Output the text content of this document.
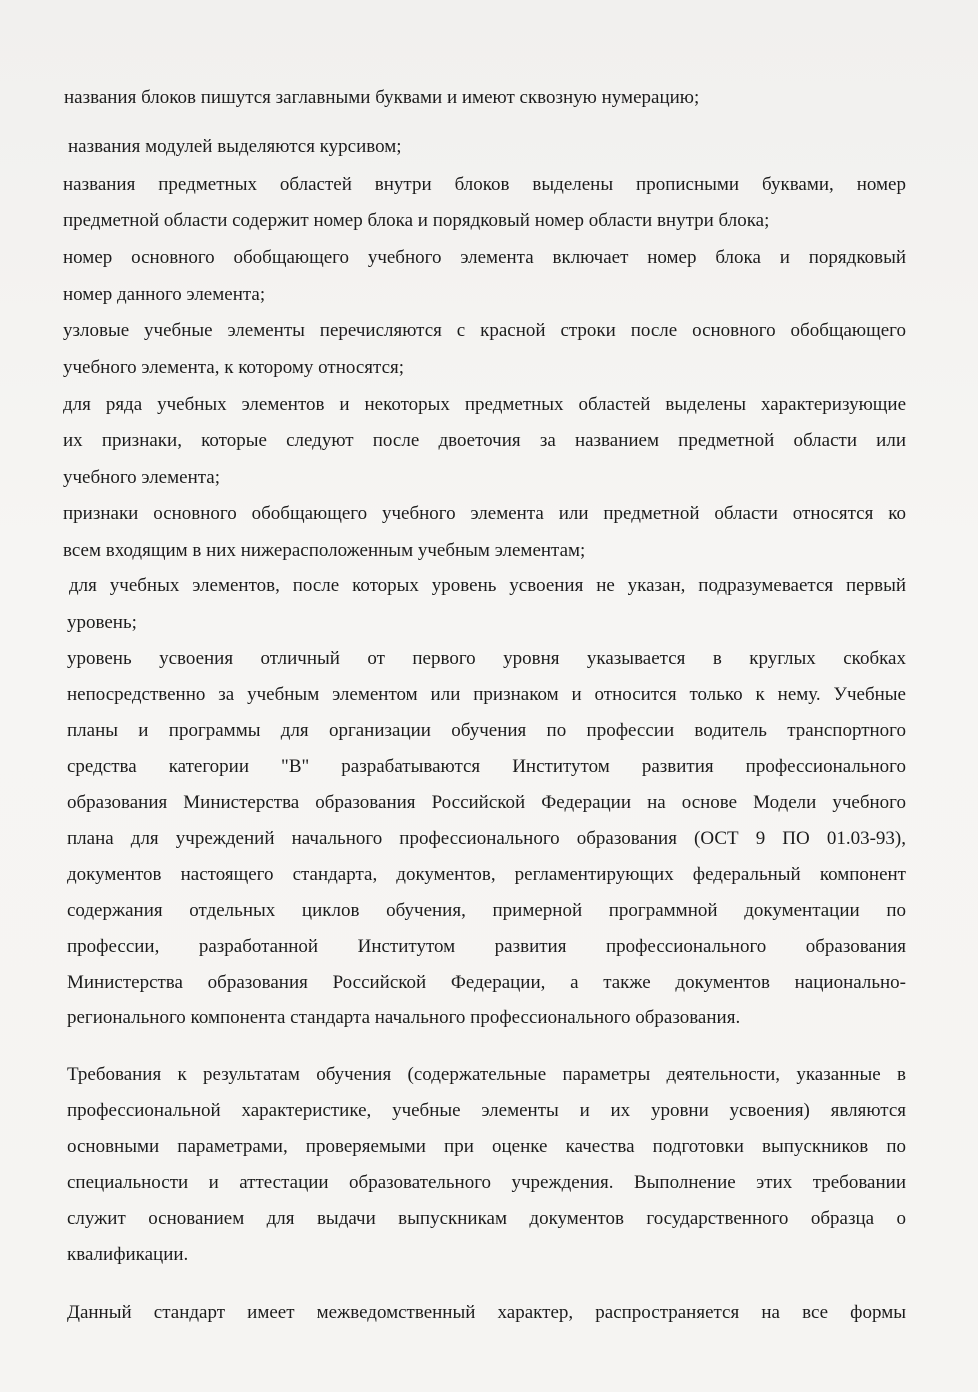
названия блоков пишутся заглавными буквами и имеют сквозную нумерацию;

названия модулей выделяются курсивом;

названия предметных областей внутри блоков выделены прописными буквами, номер

предметной области содержит номер блока и порядковый номер области внутри блока;

номер основного обобщающего учебного элемента включает номер блока и порядковый

номер данного элемента;

узловые учебные элементы перечисляются с красной строки после основного обобщающего

учебного элемента, к которому относятся;

для ряда учебных элементов и некоторых предметных областей выделены характеризующие

их признаки, которые следуют после двоеточия за названием предметной области или

учебного элемента;

признаки основного обобщающего учебного элемента или предметной области относятся ко

всем входящим в них нижерасположенным учебным элементам;

для учебных элементов, после которых уровень усвоения не указан, подразумевается первый

уровень;

уровень усвоения отличный от первого уровня указывается в круглых скобках

непосредственно за учебным элементом или признаком и относится только к нему. Учебные

планы и программы для организации обучения по профессии водитель транспортного

средства категории "В" разрабатываются Институтом развития профессионального

образования Министерства образования Российской Федерации на основе Модели учебного

плана для учреждений начального профессионального образования (ОСТ 9 ПО 01.03-93),

документов настоящего стандарта, документов, регламентирующих федеральный компонент

содержания отдельных циклов обучения, примерной программной документации по

профессии, разработанной Институтом развития профессионального образования

Министерства образования Российской Федерации, а также документов национально-

регионального компонента стандарта начального профессионального образования.

Требования к результатам обучения (содержательные параметры деятельности, указанные в

профессиональной характеристике, учебные элементы и их уровни усвоения) являются

основными параметрами, проверяемыми при оценке качества подготовки выпускников по

специальности и аттестации образовательного учреждения. Выполнение этих требовании

служит основанием для выдачи выпускникам документов государственного образца о

квалификации.

Данный стандарт имеет межведомственный характер, распространяется на все формы
